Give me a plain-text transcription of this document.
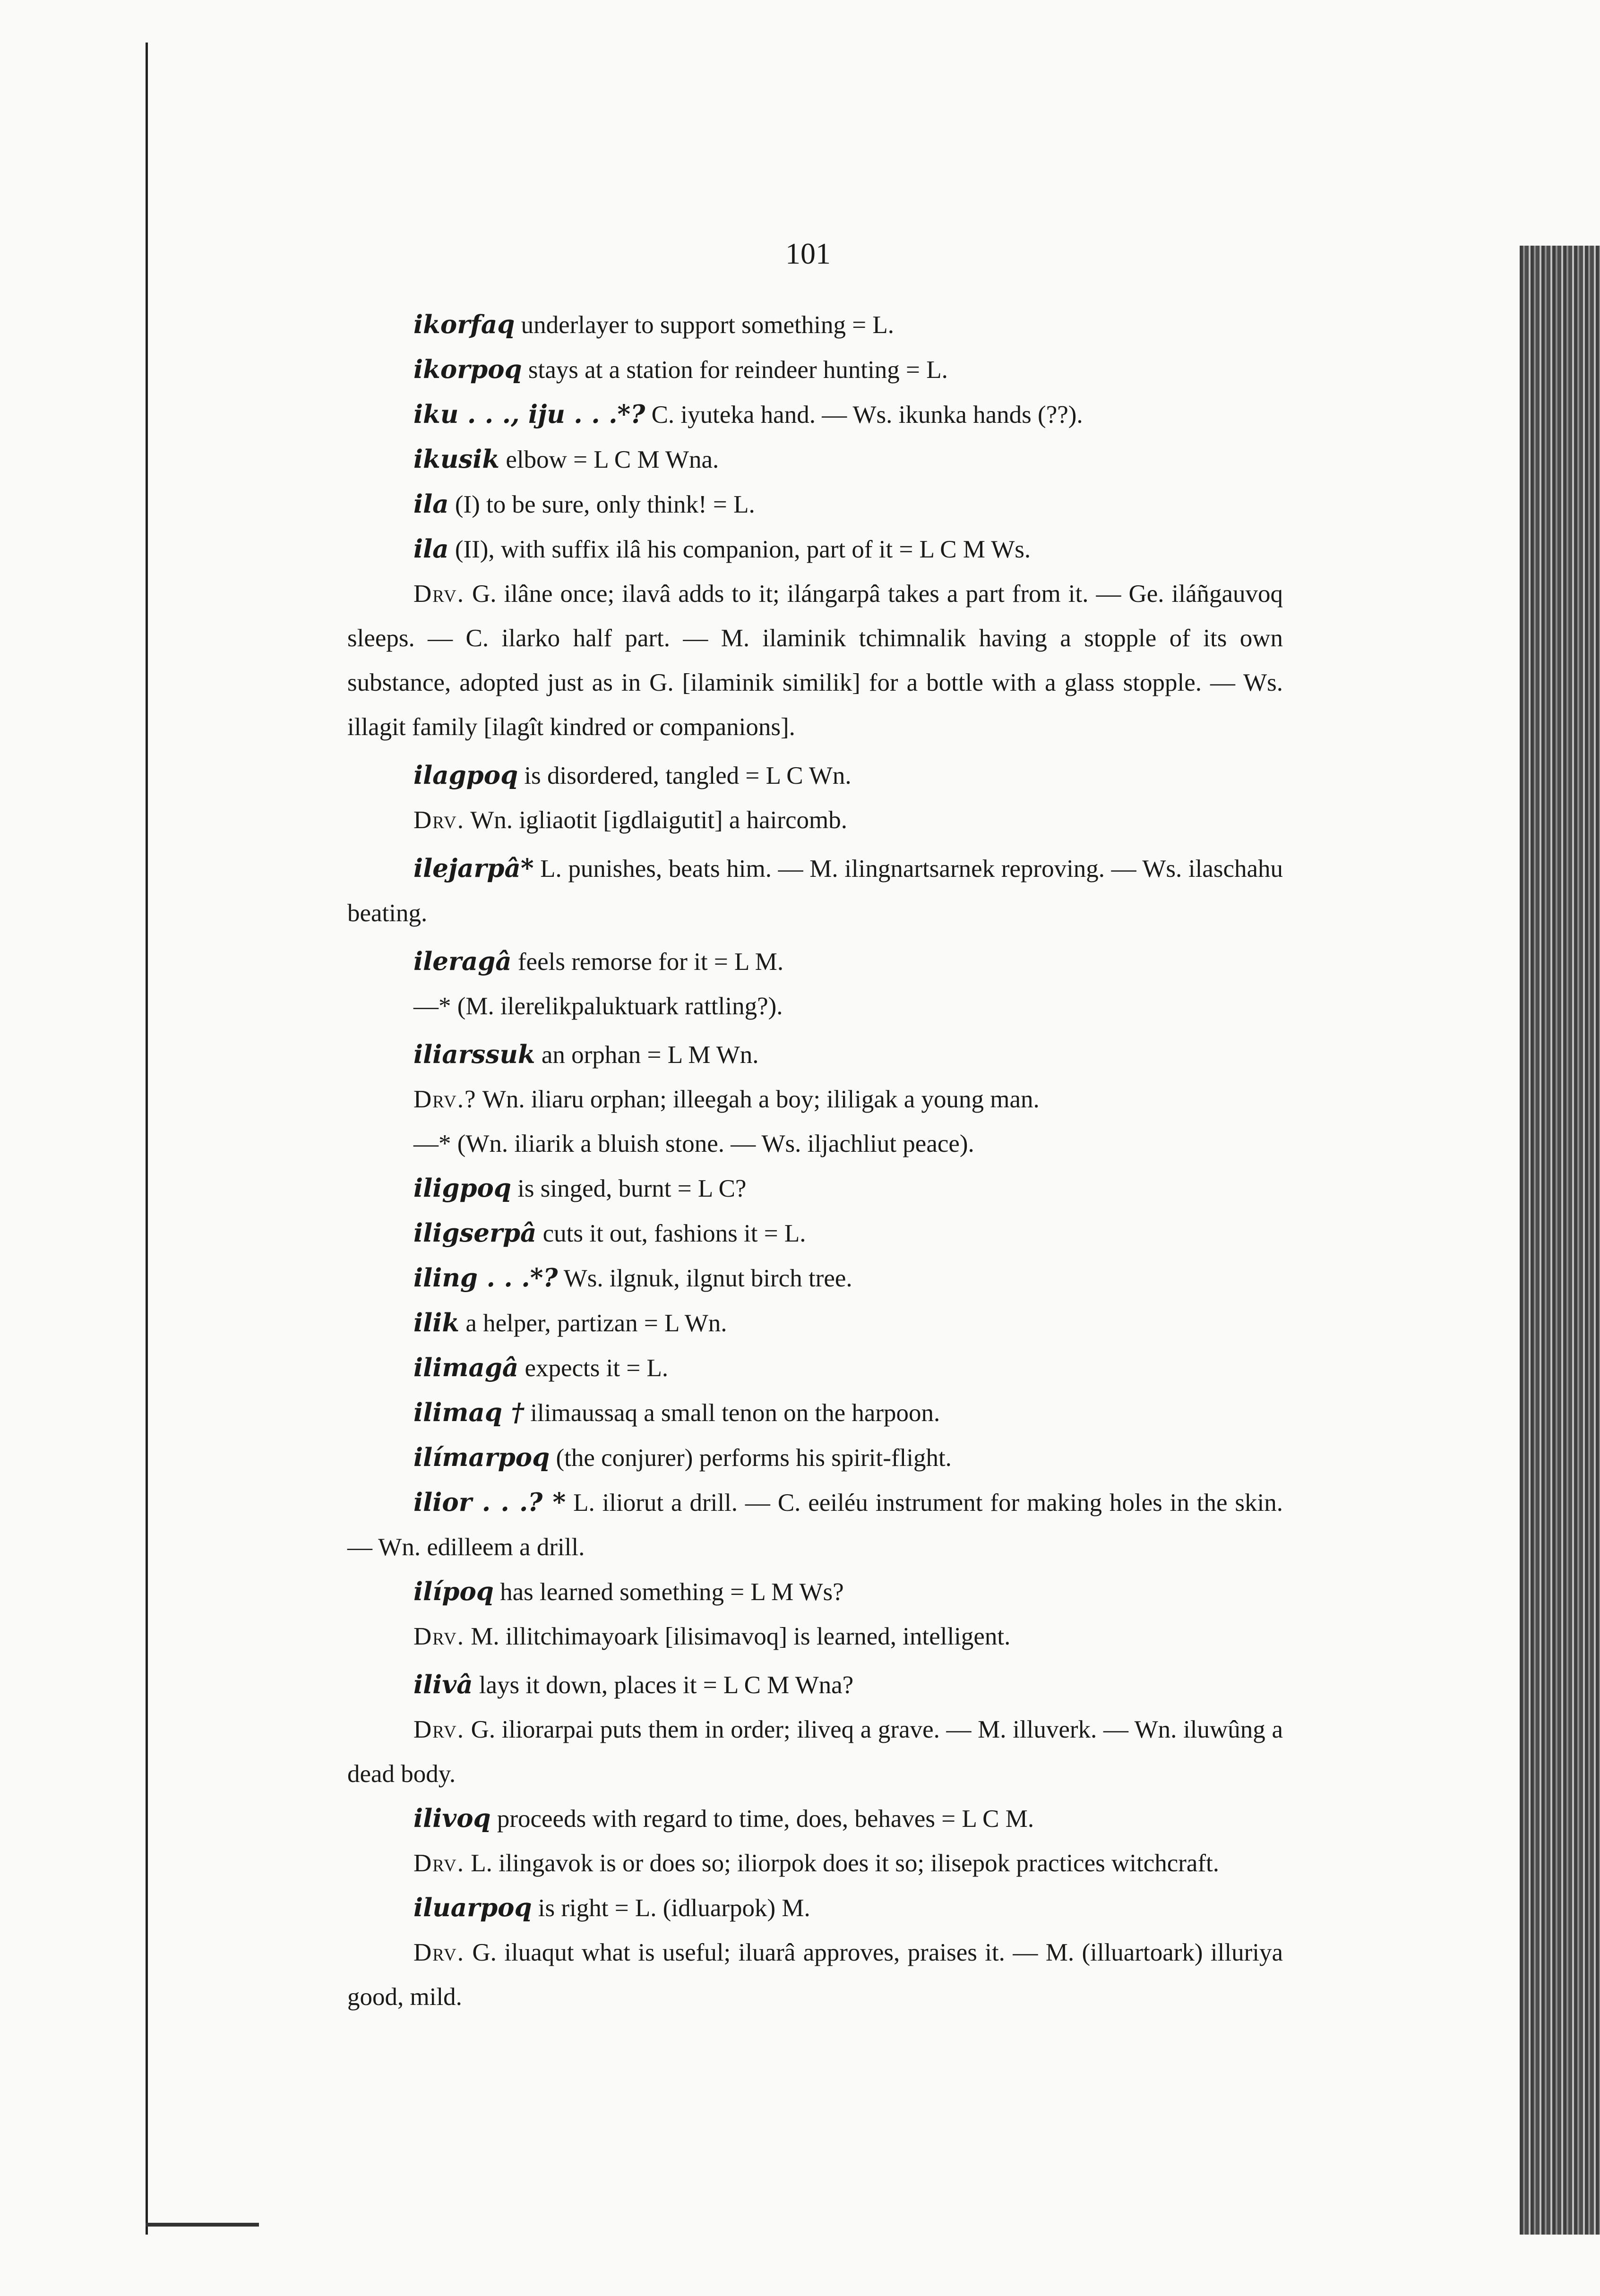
101

ikorfaq underlayer to support something = L.

ikorpoq stays at a station for reindeer hunting = L.

iku . . ., iju . . .*? C. iyuteka hand. — Ws. ikunka hands (??).

ikusik elbow = L C M Wna.

ila (I) to be sure, only think! = L.

ila (II), with suffix ilâ his companion, part of it = L C M Ws.

Drv. G. ilâne once; ilavâ adds to it; ilángarpâ takes a part from it. — Ge. iláñgauvoq sleeps. — C. ilarko half part. — M. ilaminik tchimnalik having a stopple of its own substance, adopted just as in G. [ilaminik similik] for a bottle with a glass stopple. — Ws. illagit family [ilagît kindred or companions].

ilagpoq is disordered, tangled = L C Wn.

Drv. Wn. igliaotit [igdlaigutit] a haircomb.

ilejarpâ* L. punishes, beats him. — M. ilingnartsarnek reproving. — Ws. ilaschahu beating.

ileragâ feels remorse for it = L M.

—* (M. ilerelikpaluktuark rattling?).

iliarssuk an orphan = L M Wn.

Drv.? Wn. iliaru orphan; illeegah a boy; ililigak a young man.

—* (Wn. iliarik a bluish stone. — Ws. iljachliut peace).

iligpoq is singed, burnt = L C?

iligserpâ cuts it out, fashions it = L.

iling . . .*? Ws. ilgnuk, ilgnut birch tree.

ilik a helper, partizan = L Wn.

ilimagâ expects it = L.

ilimaq † ilimaussaq a small tenon on the harpoon.

ilímarpoq (the conjurer) performs his spirit-flight.

ilior . . .? * L. iliorut a drill. — C. eeiléu instrument for making holes in the skin. — Wn. edilleem a drill.

ilípoq has learned something = L M Ws?

Drv. M. illitchimayoark [ilisimavoq] is learned, intelligent.

ilivâ lays it down, places it = L C M Wna?

Drv. G. iliorarpai puts them in order; iliveq a grave. — M. illuverk. — Wn. iluwûng a dead body.

ilivoq proceeds with regard to time, does, behaves = L C M.

Drv. L. ilingavok is or does so; iliorpok does it so; ilisepok practices witchcraft.

iluarpoq is right = L. (idluarpok) M.

Drv. G. iluaqut what is useful; iluarâ approves, praises it. — M. (illuartoark) illuriya good, mild.
